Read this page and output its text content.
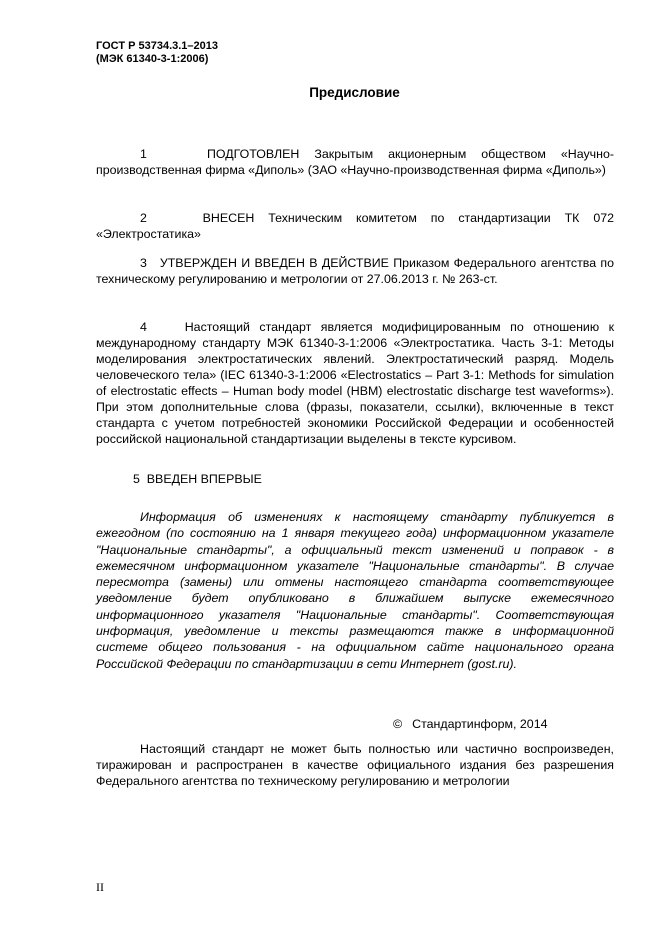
ГОСТ Р 53734.3.1–2013
(МЭК 61340-3-1:2006)
Предисловие
1	ПОДГОТОВЛЕН Закрытым акционерным обществом «Научно-производственная фирма «Диполь» (ЗАО «Научно-производственная фирма «Диполь»)
2	ВНЕСЕН Техническим комитетом по стандартизации ТК 072 «Электростатика»
3 УТВЕРЖДЕН И ВВЕДЕН В ДЕЙСТВИЕ Приказом Федерального агентства по техническому регулированию и метрологии от 27.06.2013 г. № 263-ст.
4	Настоящий стандарт является модифицированным по отношению к международному стандарту МЭК 61340-3-1:2006 «Электростатика. Часть 3-1: Методы моделирования электростатических явлений. Электростатический разряд. Модель человеческого тела» (IEC 61340-3-1:2006 «Electrostatics – Part 3-1: Methods for simulation of electrostatic effects – Human body model (HBM) electrostatic discharge test waveforms»). При этом дополнительные слова (фразы, показатели, ссылки), включенные в текст стандарта с учетом потребностей экономики Российской Федерации и особенностей российской национальной стандартизации выделены в тексте курсивом.
5 ВВЕДЕН ВПЕРВЫЕ
Информация об изменениях к настоящему стандарту публикуется в ежегодном (по состоянию на 1 января текущего года) информационном указателе "Национальные стандарты", а официальный текст изменений и поправок - в ежемесячном информационном указателе "Национальные стандарты". В случае пересмотра (замены) или отмены настоящего стандарта соответствующее уведомление будет опубликовано в ближайшем выпуске ежемесячного информационного указателя "Национальные стандарты". Соответствующая информация, уведомление и тексты размещаются также в информационной системе общего пользования - на официальном сайте национального органа Российской Федерации по стандартизации в сети Интернет (gost.ru).
© Стандартинформ, 2014
Настоящий стандарт не может быть полностью или частично воспроизведен, тиражирован и распространен в качестве официального издания без разрешения Федерального агентства по техническому регулированию и метрологии
II
